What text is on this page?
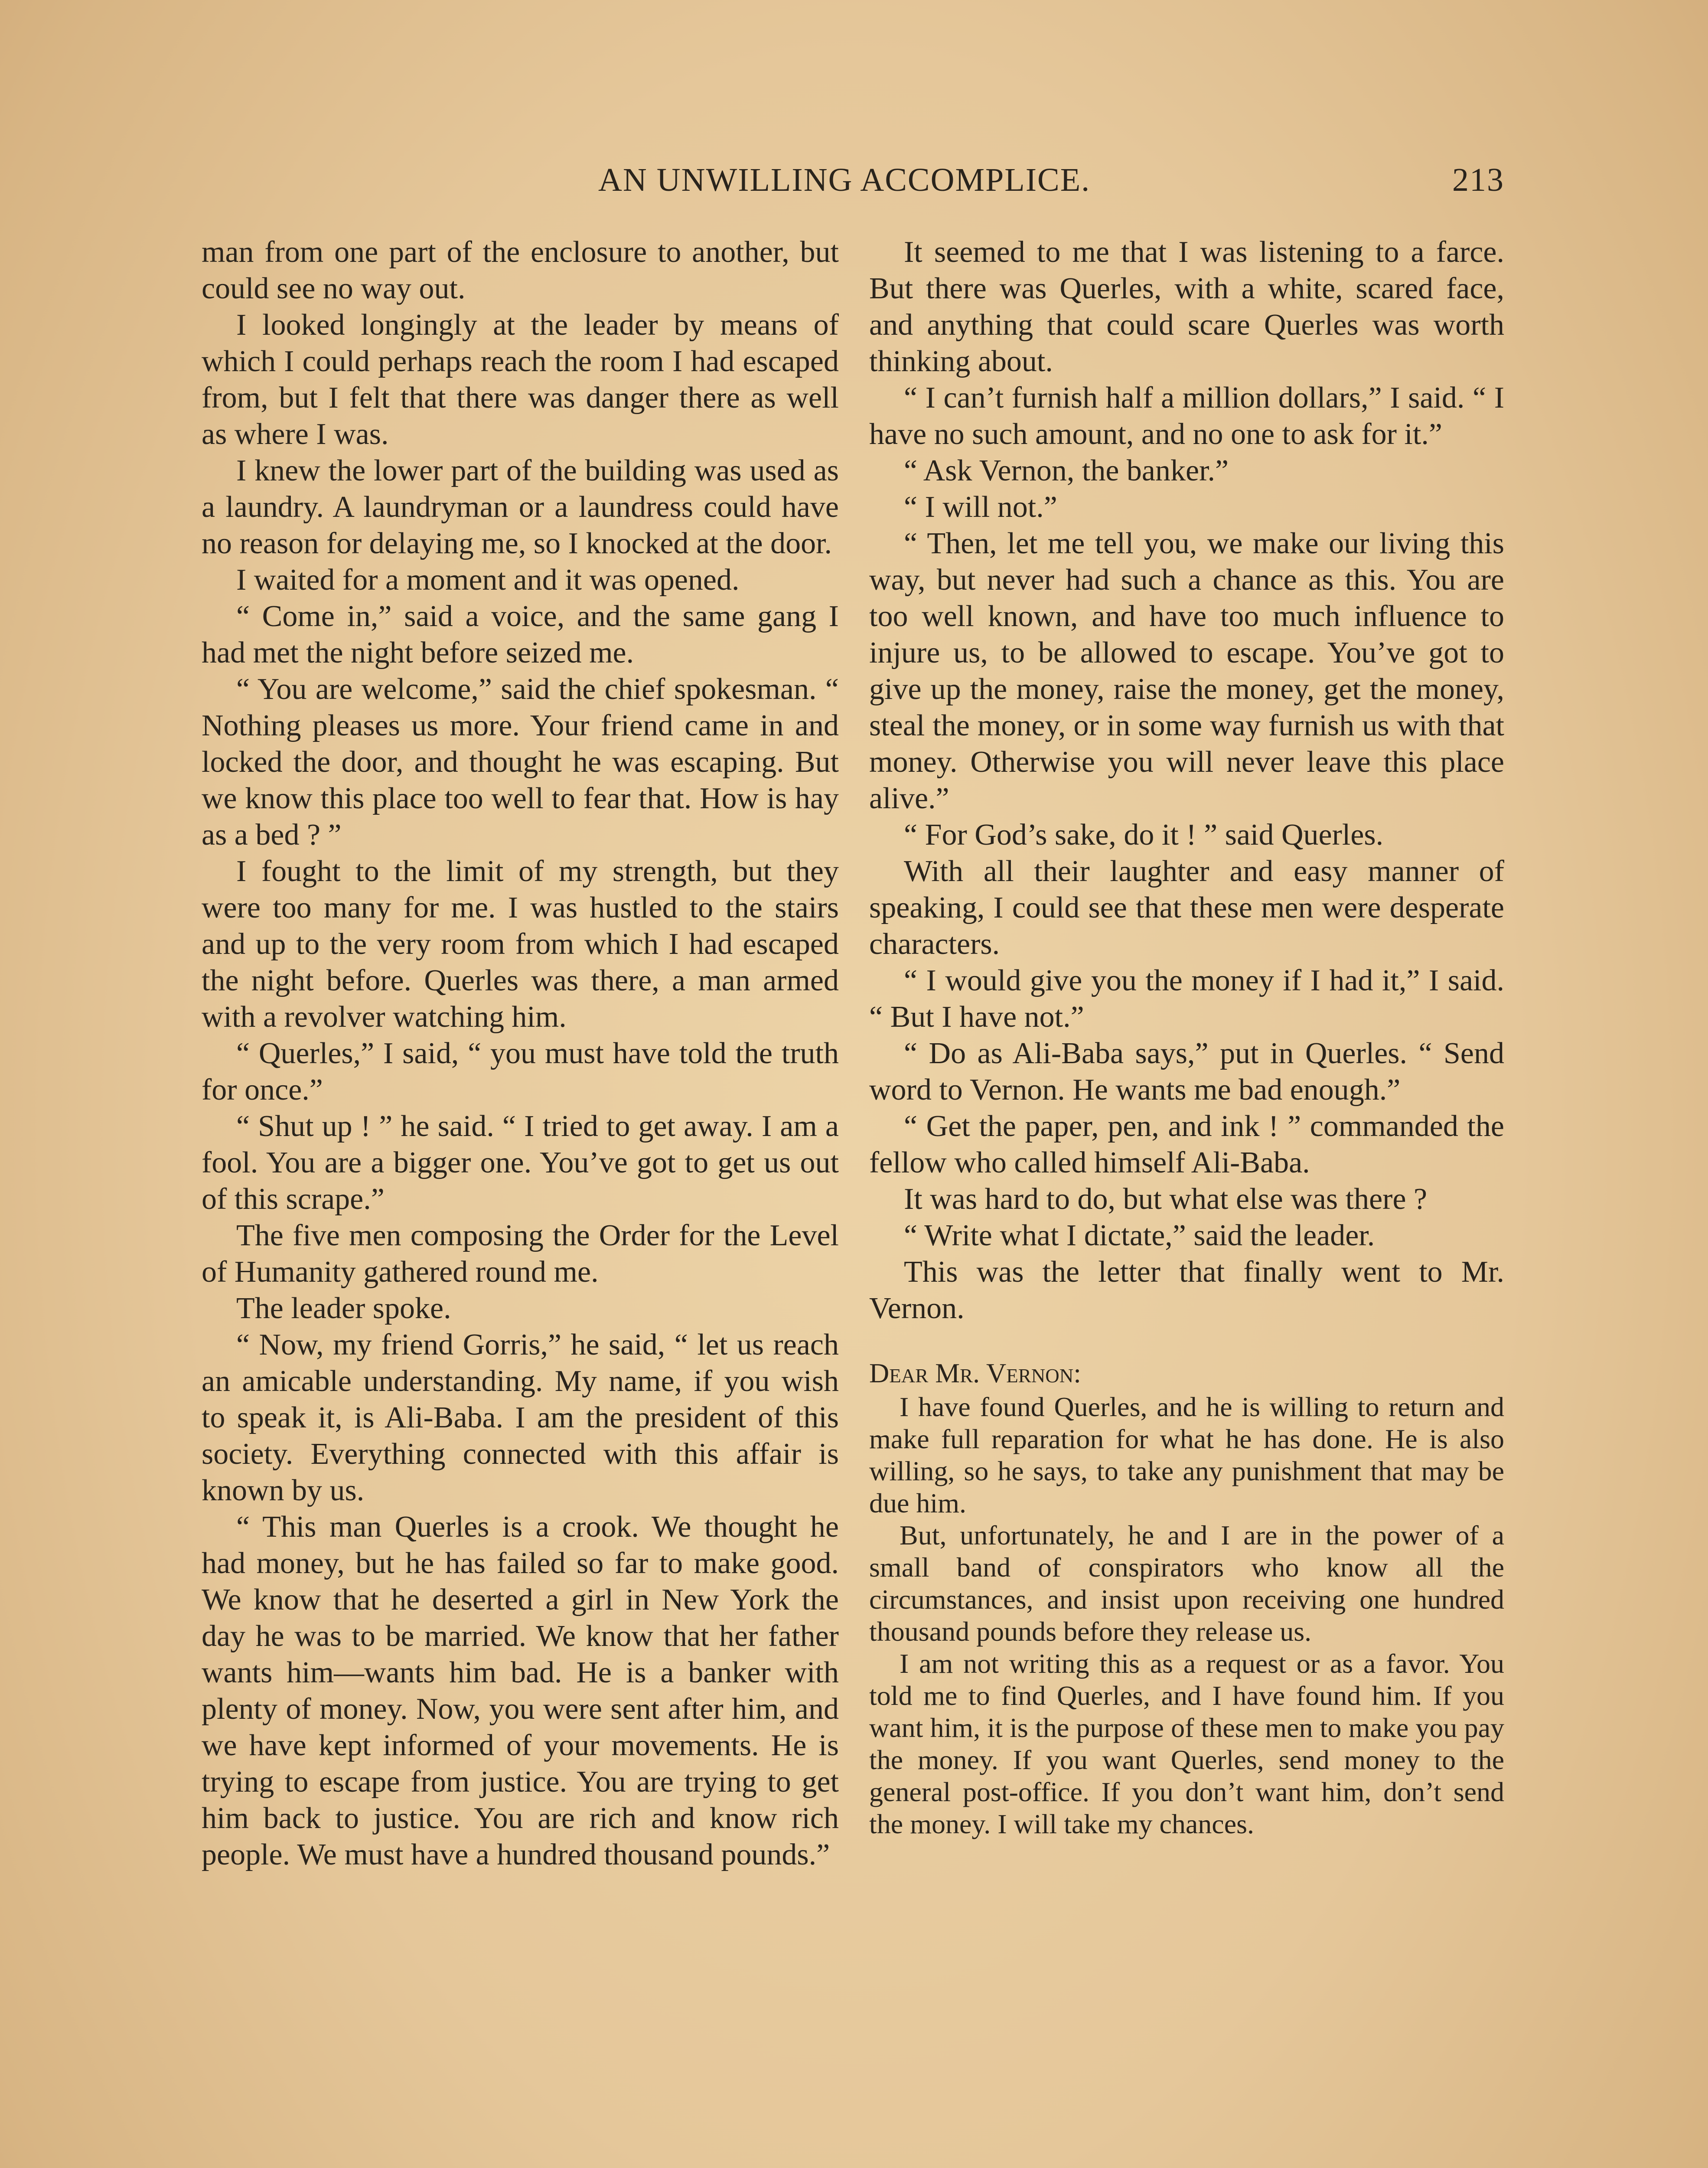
AN UNWILLING ACCOMPLICE.	213

man from one part of the enclosure to another, but could see no way out.

I looked longingly at the leader by means of which I could perhaps reach the room I had escaped from, but I felt that there was danger there as well as where I was.

I knew the lower part of the building was used as a laundry. A laundryman or a laundress could have no reason for delaying me, so I knocked at the door.

I waited for a moment and it was opened.

“ Come in,” said a voice, and the same gang I had met the night before seized me.

“ You are welcome,” said the chief spokesman. “ Nothing pleases us more. Your friend came in and locked the door, and thought he was escaping. But we know this place too well to fear that. How is hay as a bed ? ”

I fought to the limit of my strength, but they were too many for me. I was hustled to the stairs and up to the very room from which I had escaped the night before. Querles was there, a man armed with a revolver watching him.

“ Querles,” I said, “ you must have told the truth for once.”

“ Shut up ! ” he said. “ I tried to get away. I am a fool. You are a bigger one. You’ve got to get us out of this scrape.”

The five men composing the Order for the Level of Humanity gathered round me.

The leader spoke.

“ Now, my friend Gorris,” he said, “ let us reach an amicable understanding. My name, if you wish to speak it, is Ali-Baba. I am the president of this society. Everything connected with this affair is known by us.

“ This man Querles is a crook. We thought he had money, but he has failed so far to make good. We know that he deserted a girl in New York the day he was to be married. We know that her father wants him—wants him bad. He is a banker with plenty of money. Now, you were sent after him, and we have kept informed of your movements. He is trying to escape from justice. You are trying to get him back to justice. You are rich and know rich people. We must have a hundred thousand pounds.”

It seemed to me that I was listening to a farce. But there was Querles, with a white, scared face, and anything that could scare Querles was worth thinking about.

“ I can’t furnish half a million dollars,” I said. “ I have no such amount, and no one to ask for it.”

“ Ask Vernon, the banker.”

“ I will not.”

“ Then, let me tell you, we make our living this way, but never had such a chance as this. You are too well known, and have too much influence to injure us, to be allowed to escape. You’ve got to give up the money, raise the money, get the money, steal the money, or in some way furnish us with that money. Otherwise you will never leave this place alive.”

“ For God’s sake, do it ! ” said Querles.

With all their laughter and easy manner of speaking, I could see that these men were desperate characters.

“ I would give you the money if I had it,” I said. “ But I have not.”

“ Do as Ali-Baba says,” put in Querles. “ Send word to Vernon. He wants me bad enough.”

“ Get the paper, pen, and ink ! ” commanded the fellow who called himself Ali-Baba.

It was hard to do, but what else was there ?

“ Write what I dictate,” said the leader.

This was the letter that finally went to Mr. Vernon.

Dear Mr. Vernon:

I have found Querles, and he is willing to return and make full reparation for what he has done. He is also willing, so he says, to take any punishment that may be due him.

But, unfortunately, he and I are in the power of a small band of conspirators who know all the circumstances, and insist upon receiving one hundred thousand pounds before they release us.

I am not writing this as a request or as a favor. You told me to find Querles, and I have found him. If you want him, it is the purpose of these men to make you pay the money. If you want Querles, send money to the general post-office. If you don’t want him, don’t send the money. I will take my chances.
